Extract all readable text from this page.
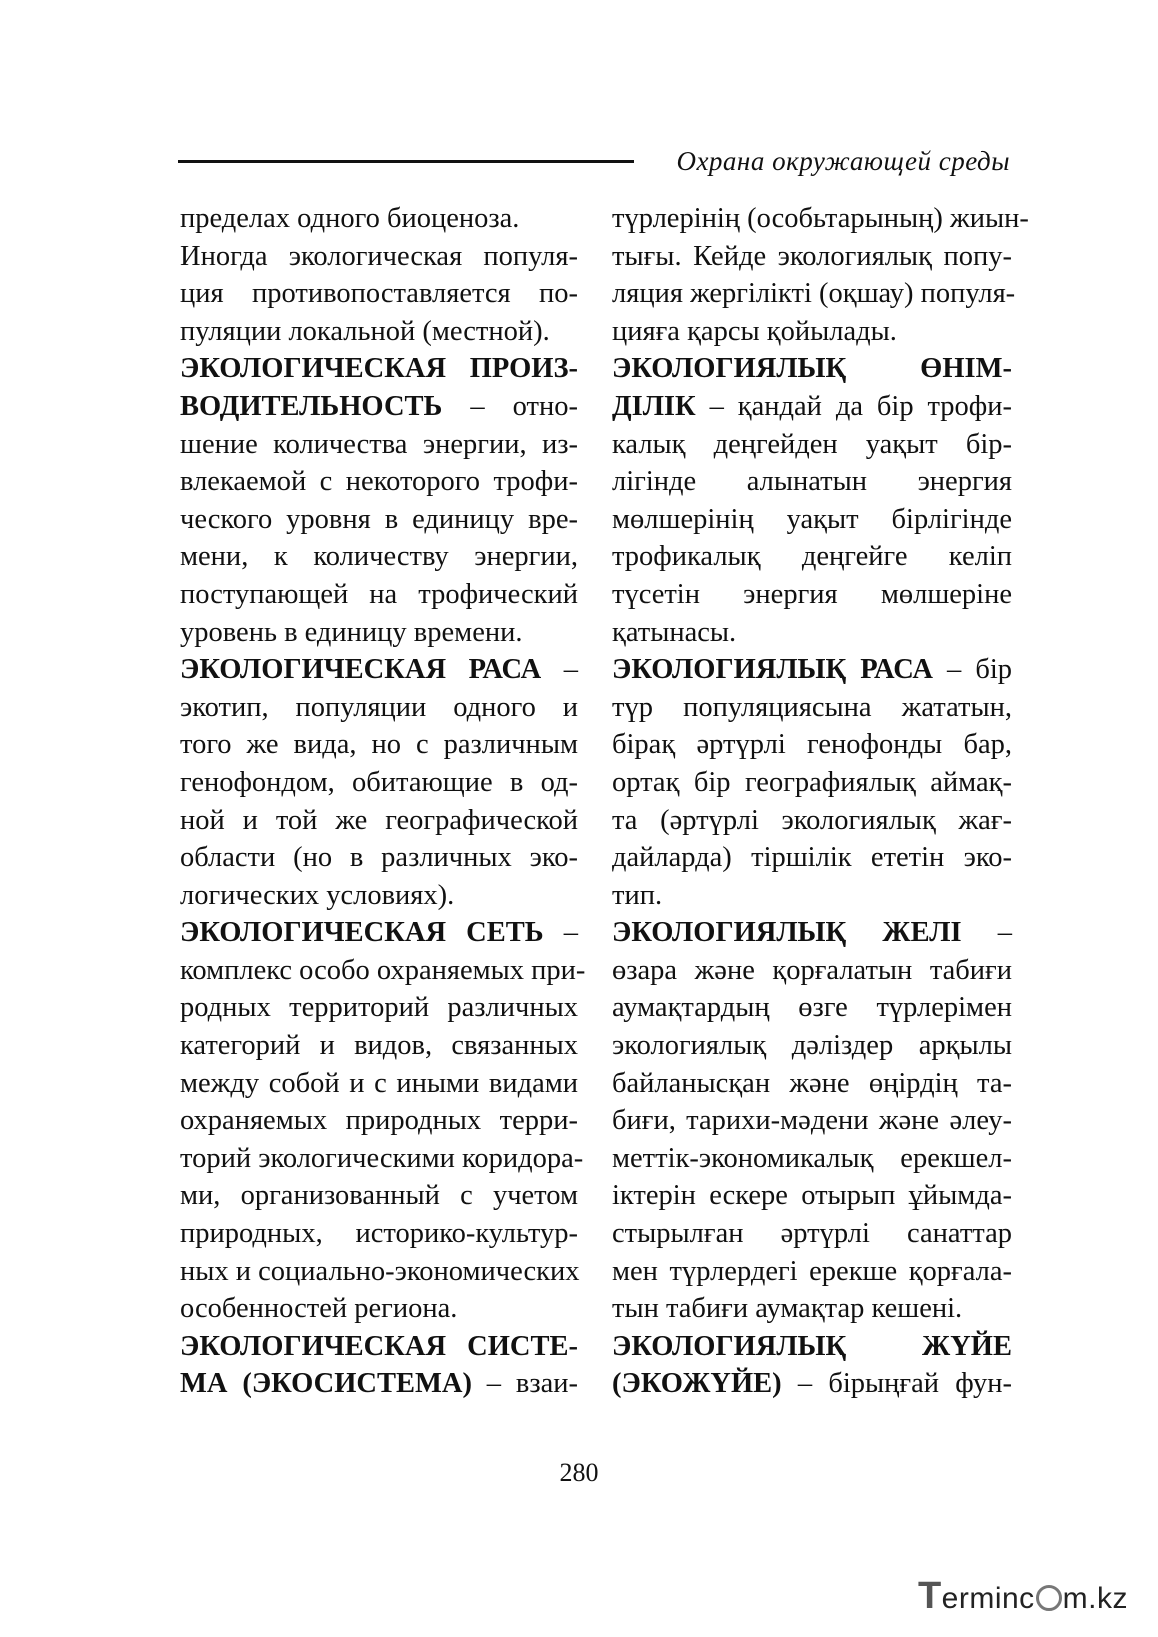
Охрана окружающей среды
пределах одного биоценоза.
Иногда экологическая популя-
ция противопоставляется по-
пуляции локальной (местной).
ЭКОЛОГИЧЕСКАЯ ПРОИЗ-
ВОДИТЕЛЬНОСТЬ – отно-
шение количества энергии, из-
влекаемой с некоторого трофи-
ческого уровня в единицу вре-
мени, к количеству энергии,
поступающей на трофический
уровень в единицу времени.
ЭКОЛОГИЧЕСКАЯ РАСА –
экотип, популяции одного и
того же вида, но с различным
генофондом, обитающие в од-
ной и той же географической
области (но в различных эко-
логических условиях).
ЭКОЛОГИЧЕСКАЯ СЕТЬ –
комплекс особо охраняемых при-
родных территорий различных
категорий и видов, связанных
между собой и с иными видами
охраняемых природных терри-
торий экологическими коридора-
ми, организованный с учетом
природных, историко-культур-
ных и социально-экономических
особенностей региона.
ЭКОЛОГИЧЕСКАЯ СИСТЕ-
МА (ЭКОСИСТЕМА) – взаи-
түрлерінің (особьтарының) жиын-
тығы. Кейде экологиялық попу-
ляция жергілікті (оқшау) популя-
цияға қарсы қойылады.
ЭКОЛОГИЯЛЫҚ ӨНІМ-
ДІЛІК – қандай да бір трофи-
калық деңгейден уақыт бір-
лігінде алынатын энергия
мөлшерінің уақыт бірлігінде
трофикалық деңгейге келіп
түсетін энергия мөлшеріне
қатынасы.
ЭКОЛОГИЯЛЫҚ РАСА – бір
түр популяциясына жататын,
бірақ әртүрлі генофонды бар,
ортақ бір географиялық аймақ-
та (әртүрлі экологиялық жағ-
дайларда) тіршілік ететін эко-
тип.
ЭКОЛОГИЯЛЫҚ ЖЕЛІ –
өзара және қорғалатын табиғи
аумақтардың өзге түрлерімен
экологиялық дәліздер арқылы
байланысқан және өңірдің та-
биғи, тарихи-мәдени және әлеу-
меттік-экономикалық ерекшел-
іктерін ескере отырып ұйымда-
стырылған әртүрлі санаттар
мен түрлердегі ерекше қорғала-
тын табиғи аумақтар кешені.
ЭКОЛОГИЯЛЫҚ ЖҮЙЕ
(ЭКОЖҮЙЕ) – бірыңғай фун-
280
Terminc m.kz
